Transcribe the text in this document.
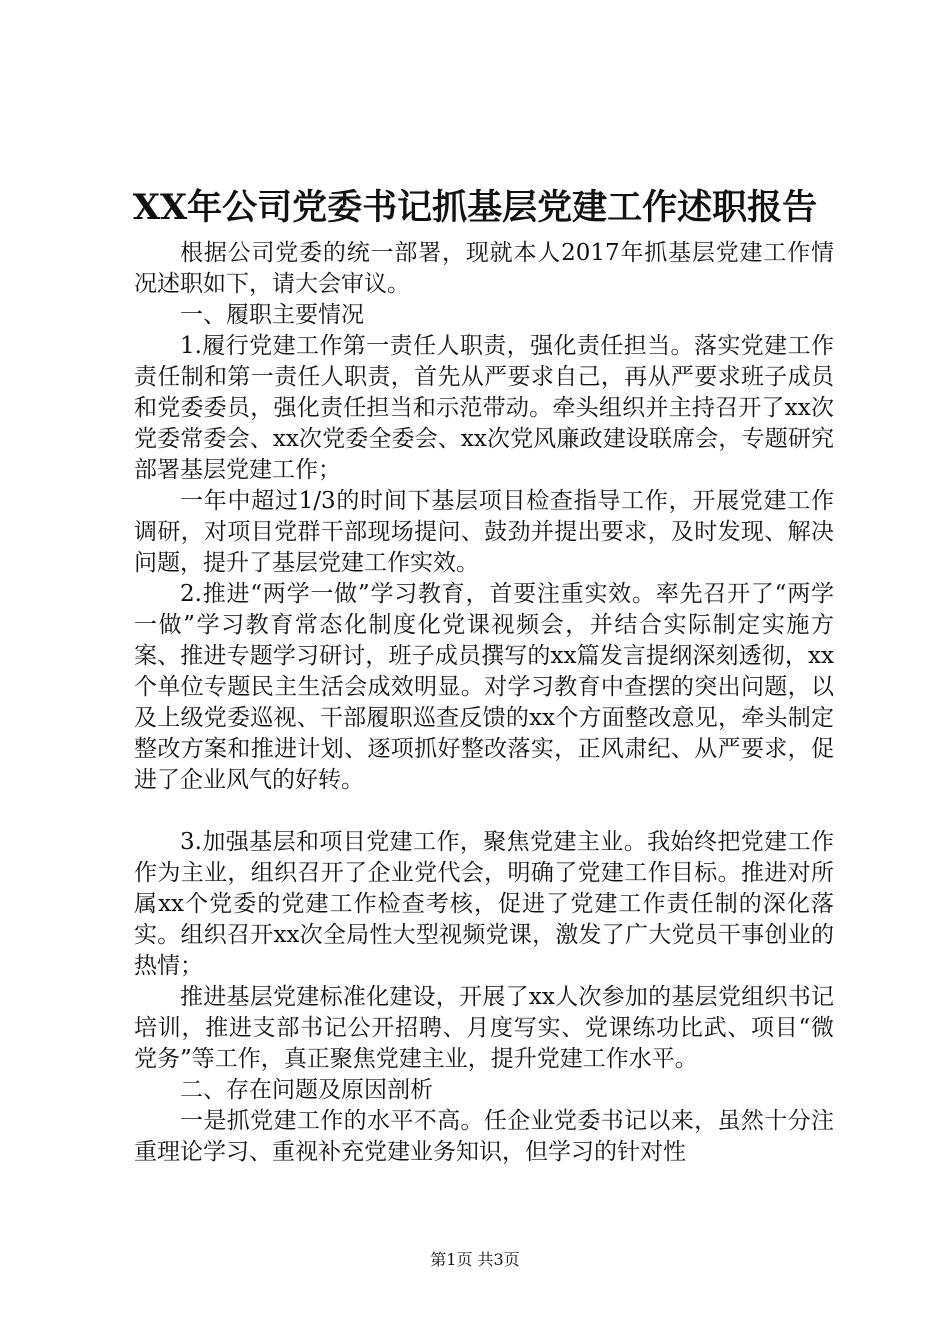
XX年公司党委书记抓基层党建工作述职报告

根据公司党委的统一部署，现就本人2017年抓基层党建工作情况述职如下，请大会审议。

一、履职主要情况

1.履行党建工作第一责任人职责，强化责任担当。落实党建工作责任制和第一责任人职责，首先从严要求自己，再从严要求班子成员和党委委员，强化责任担当和示范带动。牵头组织并主持召开了xx次党委常委会、xx次党委全委会、xx次党风廉政建设联席会，专题研究部署基层党建工作；

一年中超过1/3的时间下基层项目检查指导工作，开展党建工作调研，对项目党群干部现场提问、鼓劲并提出要求，及时发现、解决问题，提升了基层党建工作实效。

2.推进“两学一做”学习教育，首要注重实效。率先召开了“两学一做”学习教育常态化制度化党课视频会，并结合实际制定实施方案、推进专题学习研讨，班子成员撰写的xx篇发言提纲深刻透彻，xx个单位专题民主生活会成效明显。对学习教育中查摆的突出问题，以及上级党委巡视、干部履职巡查反馈的xx个方面整改意见，牵头制定整改方案和推进计划、逐项抓好整改落实，正风肃纪、从严要求，促进了企业风气的好转。

3.加强基层和项目党建工作，聚焦党建主业。我始终把党建工作作为主业，组织召开了企业党代会，明确了党建工作目标。推进对所属xx个党委的党建工作检查考核，促进了党建工作责任制的深化落实。组织召开xx次全局性大型视频党课，激发了广大党员干事创业的热情；

推进基层党建标准化建设，开展了xx人次参加的基层党组织书记培训，推进支部书记公开招聘、月度写实、党课练功比武、项目“微党务”等工作，真正聚焦党建主业，提升党建工作水平。

二、存在问题及原因剖析

一是抓党建工作的水平不高。任企业党委书记以来，虽然十分注重理论学习、重视补充党建业务知识，但学习的针对性

第1页 共3页
